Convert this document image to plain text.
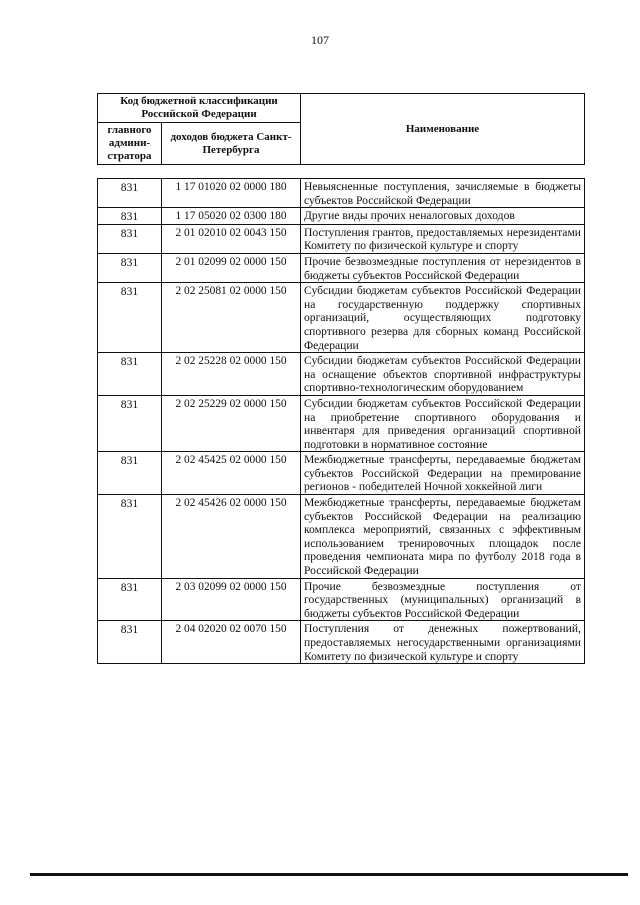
107
Код бюджетной классификации Российской Федерации		Наименование
главного админи-стратора	доходов бюджета Санкт-Петербурга	
831	1 17 01020 02 0000 180	Невыясненные поступления, зачисляемые в бюджеты субъектов Российской Федерации
831	1 17 05020 02 0300 180	Другие виды прочих неналоговых доходов
831	2 01 02010 02 0043 150	Поступления грантов, предоставляемых нерезидентами Комитету по физической культуре и спорту
831	2 01 02099 02 0000 150	Прочие безвозмездные поступления от нерезидентов в бюджеты субъектов Российской Федерации
831	2 02 25081 02 0000 150	Субсидии бюджетам субъектов Российской Федерации на государственную поддержку спортивных организаций, осуществляющих подготовку спортивного резерва для сборных команд Российской Федерации
831	2 02 25228 02 0000 150	Субсидии бюджетам субъектов Российской Федерации на оснащение объектов спортивной инфраструктуры спортивно-технологическим оборудованием
831	2 02 25229 02 0000 150	Субсидии бюджетам субъектов Российской Федерации на приобретение спортивного оборудования и инвентаря для приведения организаций спортивной подготовки в нормативное состояние
831	2 02 45425 02 0000 150	Межбюджетные трансферты, передаваемые бюджетам субъектов Российской Федерации на премирование регионов - победителей Ночной хоккейной лиги
831	2 02 45426 02 0000 150	Межбюджетные трансферты, передаваемые бюджетам субъектов Российской Федерации на реализацию комплекса мероприятий, связанных с эффективным использованием тренировочных площадок после проведения чемпионата мира по футболу 2018 года в Российской Федерации
831	2 03 02099 02 0000 150	Прочие безвозмездные поступления от государственных (муниципальных) организаций в бюджеты субъектов Российской Федерации
831	2 04 02020 02 0070 150	Поступления от денежных пожертвований, предоставляемых негосударственными организациями Комитету по физической культуре и спорту
